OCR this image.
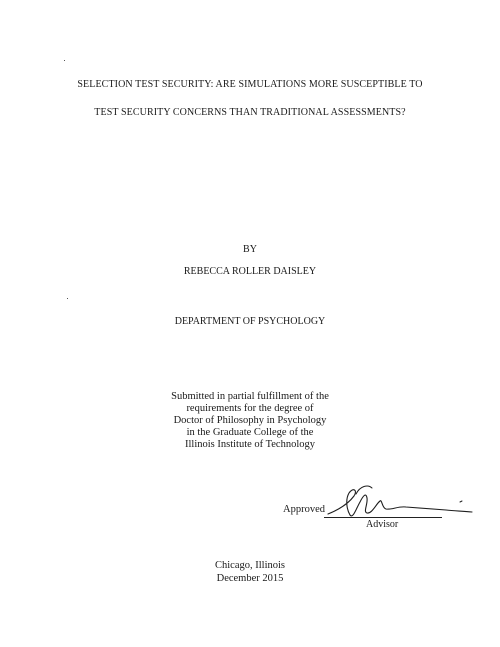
SELECTION TEST SECURITY: ARE SIMULATIONS MORE SUSCEPTIBLE TO
TEST SECURITY CONCERNS THAN TRADITIONAL ASSESSMENTS?
BY
REBECCA ROLLER DAISLEY
DEPARTMENT OF PSYCHOLOGY
Submitted in partial fulfillment of the
requirements for the degree of
Doctor of Philosophy in Psychology
in the Graduate College of the
Illinois Institute of Technology
Approved
Advisor
Chicago, Illinois
December 2015
